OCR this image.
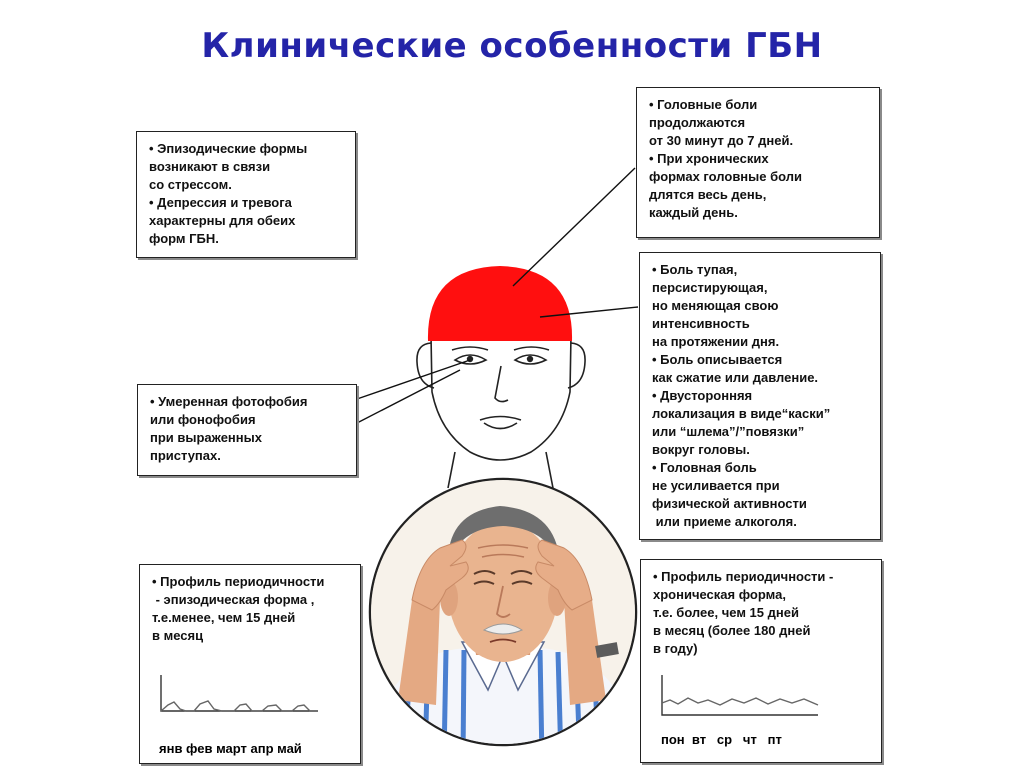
Клинические особенности ГБН
• Эпизодические формы
возникают в связи
со стрессом.
• Депрессия и тревога
характерны для обеих
форм ГБН.
• Головные боли
продолжаются
от 30 минут до 7 дней.
• При хронических
формах головные боли
длятся весь день,
каждый день.
• Боль тупая,
персистирующая,
но меняющая свою
интенсивность
на протяжении дня.
• Боль описывается
как сжатие или давление.
• Двусторонняя
локализация в виде“каски”
или “шлема”/”повязки”
вокруг головы.
• Головная боль
не усиливается при
физической активности
или приеме алкоголя.
• Умеренная фотофобия
или фонофобия
при выраженных
приступах.
• Профиль периодичности
- эпизодическая форма ,
т.е.менее, чем 15 дней
в месяц
• Профиль периодичности -
хроническая форма,
т.е. более, чем 15 дней
в месяц (более 180 дней
в году)
янв фев март апр май
пон  вт   ср   чт   пт
